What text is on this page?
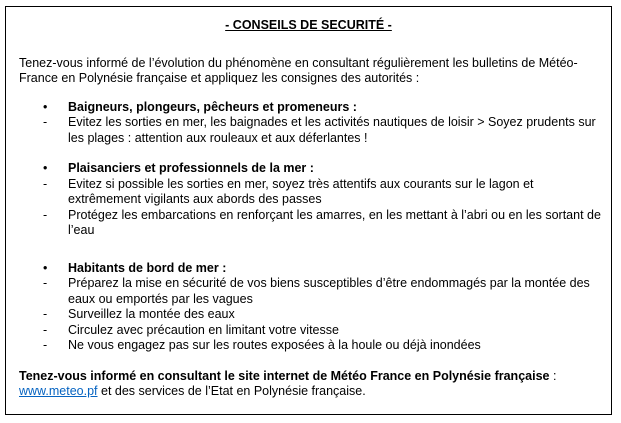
- CONSEILS DE SECURITÉ -
Tenez-vous informé de l’évolution du phénomène en consultant régulièrement les bulletins de Météo-France en Polynésie française et appliquez les consignes des autorités :
•	Baigneurs, plongeurs, pêcheurs et promeneurs :
-	Evitez les sorties en mer, les baignades et les activités nautiques de loisir > Soyez prudents sur les plages : attention aux rouleaux et aux déferlantes !
•	Plaisanciers et professionnels de la mer :
-	Evitez si possible les sorties en mer, soyez très attentifs aux courants sur le lagon et extrêmement vigilants aux abords des passes
-	Protégez les embarcations en renforçant les amarres, en les mettant à l’abri ou en les sortant de l’eau
•	Habitants de bord de mer :
-	Préparez la mise en sécurité de vos biens susceptibles d’être endommagés par la montée des eaux ou emportés par les vagues
-	Surveillez la montée des eaux
-	Circulez avec précaution en limitant votre vitesse
-	Ne vous engagez pas sur les routes exposées à la houle ou déjà inondées
Tenez-vous informé en consultant le site internet de Météo France en Polynésie française : www.meteo.pf et des services de l’Etat en Polynésie française.
